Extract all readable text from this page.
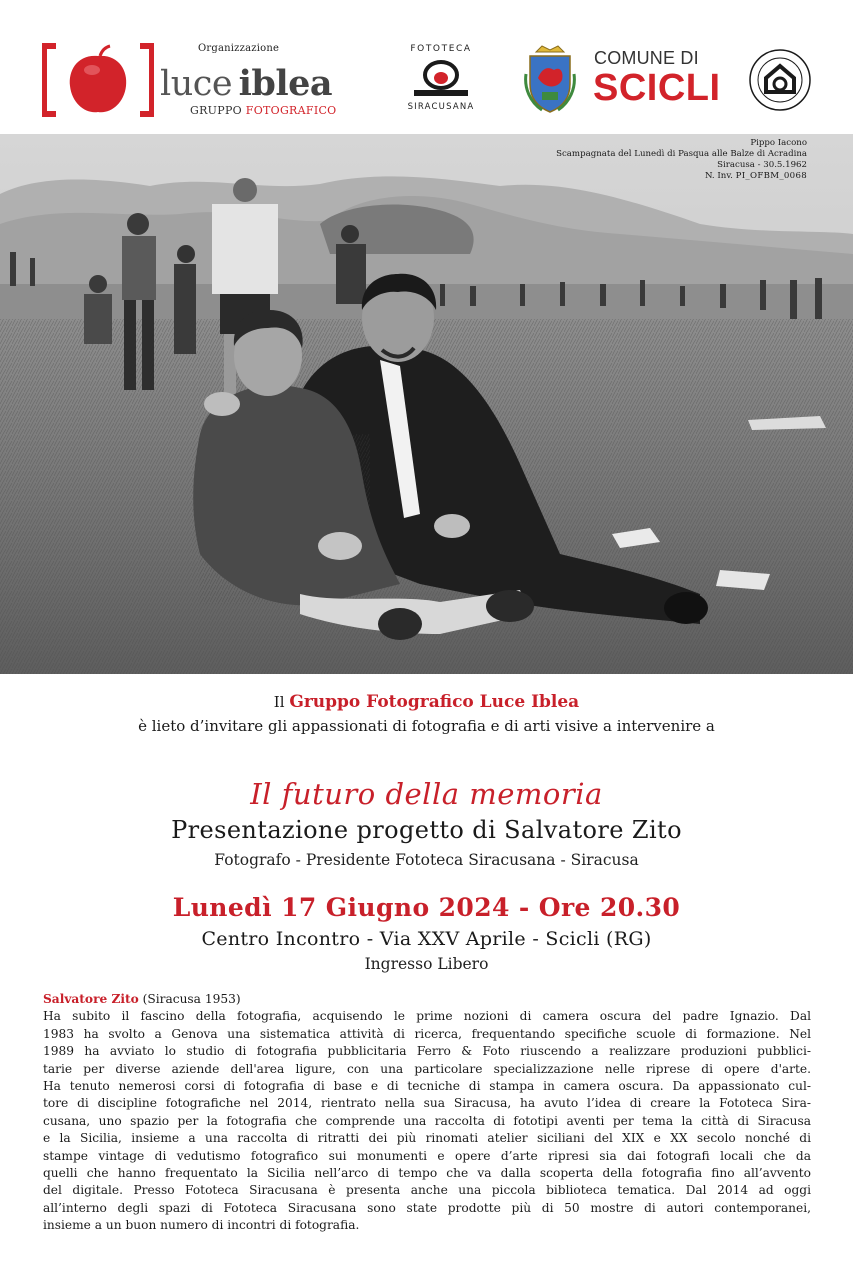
Organizzazione
luce  iblea
GRUPPO FOTOGRAFICO
FOTOTECA
SIRACUSANA
COMUNE DI
SCICLI
Pippo Iacono
Scampagnata del Lunedì di Pasqua alle Balze di Acradina
Siracusa - 30.5.1962
N. Inv. PI_OFBM_0068
Il Gruppo Fotografico Luce Iblea
è lieto d’invitare gli appassionati di fotografia e di arti visive a intervenire a
Il futuro della memoria
Presentazione progetto di Salvatore Zito
Fotografo - Presidente Fototeca Siracusana - Siracusa
Lunedì 17 Giugno 2024 - Ore 20.30
Centro Incontro - Via XXV Aprile - Scicli (RG)
Ingresso Libero
Salvatore Zito (Siracusa 1953)
Ha subito il fascino della fotografia, acquisendo le prime nozioni di camera oscura del padre Ignazio. Dal
1983 ha svolto a Genova una sistematica attività di ricerca, frequentando specifiche scuole di formazione. Nel
1989 ha avviato lo studio di fotografia pubblicitaria Ferro & Foto riuscendo a realizzare produzioni pubblici-
tarie per diverse aziende dell'area ligure, con una particolare specializzazione nelle riprese di opere d'arte.
Ha tenuto nemerosi corsi di fotografia di base e di tecniche di stampa in camera oscura. Da appassionato cul-
tore di discipline fotografiche nel 2014, rientrato nella sua Siracusa, ha avuto l’idea di creare la Fototeca Sira-
cusana, uno spazio per la fotografia che comprende una raccolta di fototipi aventi per tema la città di Siracusa
e la Sicilia, insieme a una raccolta di ritratti dei più rinomati atelier siciliani del XIX e XX secolo nonché di
stampe vintage di vedutismo fotografico sui monumenti e opere d’arte ripresi sia dai fotografi locali che da
quelli che hanno frequentato la Sicilia nell’arco di tempo che va dalla scoperta della fotografia fino all’avvento
del digitale. Presso Fototeca Siracusana è presenta anche una piccola biblioteca tematica. Dal 2014 ad oggi
all’interno degli spazi di Fototeca Siracusana sono state prodotte più di 50 mostre di autori contemporanei,
insieme a un buon numero di incontri di fotografia.
